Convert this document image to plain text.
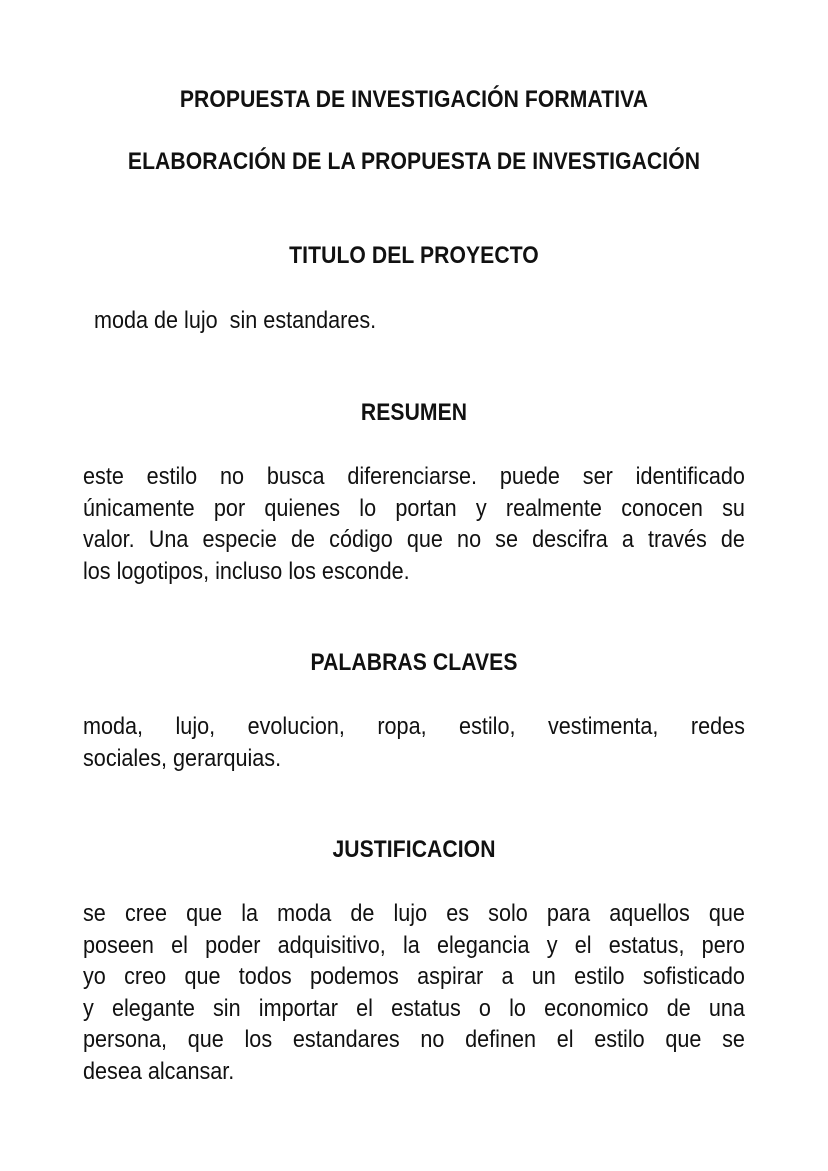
PROPUESTA DE INVESTIGACIÓN FORMATIVA
ELABORACIÓN DE LA PROPUESTA DE INVESTIGACIÓN
TITULO DEL PROYECTO

moda de lujo  sin estandares.

RESUMEN

este estilo no busca diferenciarse. puede ser identificado
únicamente por quienes lo portan y realmente conocen su
valor. Una especie de código que no se descifra a través de
los logotipos, incluso los esconde.

PALABRAS CLAVES

moda, lujo, evolucion, ropa, estilo, vestimenta, redes
sociales, gerarquias.

JUSTIFICACION

se cree que la moda de lujo es solo para aquellos que
poseen el poder adquisitivo, la elegancia y el estatus, pero
yo creo que todos podemos aspirar a un estilo sofisticado
y elegante sin importar el estatus o lo economico de una
persona, que los estandares no definen el estilo que se
desea alcansar.
